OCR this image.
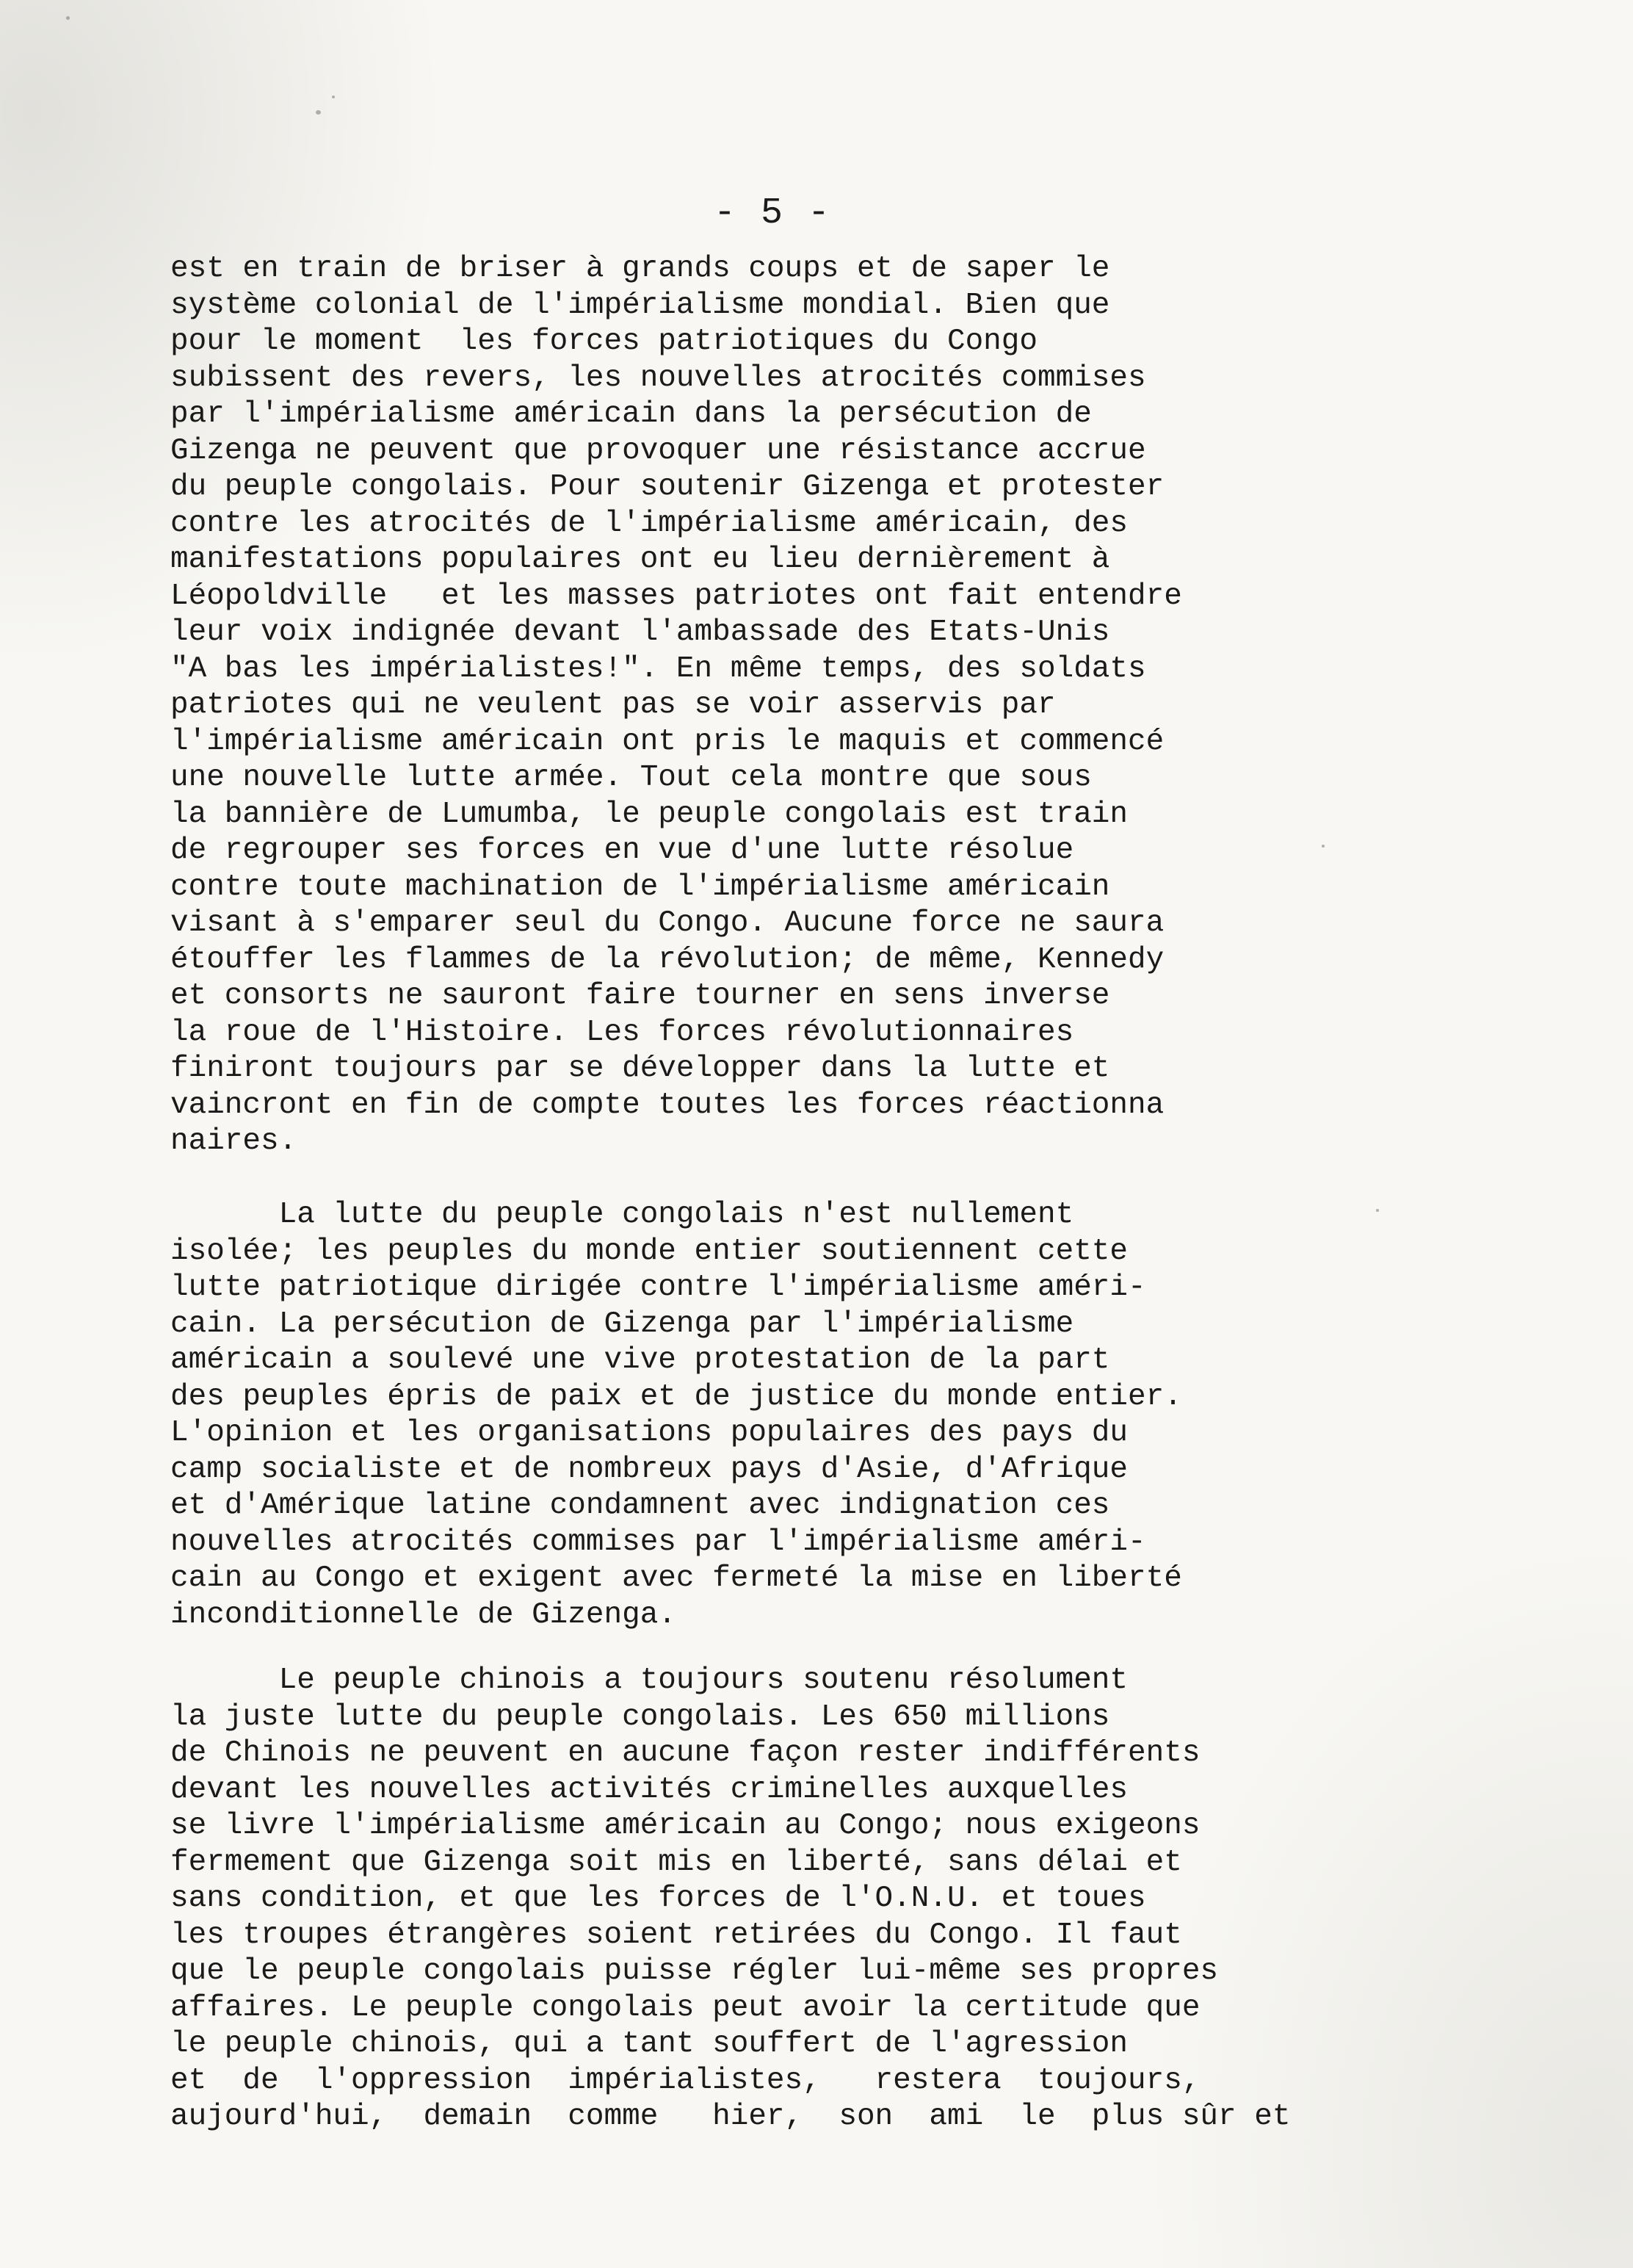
- 5 -

est en train de briser à grands coups et de saper le
système colonial de l'impérialisme mondial. Bien que
pour le moment  les forces patriotiques du Congo
subissent des revers, les nouvelles atrocités commises
par l'impérialisme américain dans la persécution de
Gizenga ne peuvent que provoquer une résistance accrue
du peuple congolais. Pour soutenir Gizenga et protester
contre les atrocités de l'impérialisme américain, des
manifestations populaires ont eu lieu dernièrement à
Léopoldville   et les masses patriotes ont fait entendre
leur voix indignée devant l'ambassade des Etats-Unis
"A bas les impérialistes!". En même temps, des soldats
patriotes qui ne veulent pas se voir asservis par
l'impérialisme américain ont pris le maquis et commencé
une nouvelle lutte armée. Tout cela montre que sous
la bannière de Lumumba, le peuple congolais est train
de regrouper ses forces en vue d'une lutte résolue
contre toute machination de l'impérialisme américain
visant à s'emparer seul du Congo. Aucune force ne saura
étouffer les flammes de la révolution; de même, Kennedy
et consorts ne sauront faire tourner en sens inverse
la roue de l'Histoire. Les forces révolutionnaires
finiront toujours par se développer dans la lutte et
vaincront en fin de compte toutes les forces réactionna
naires.
La lutte du peuple congolais n'est nullement
isolée; les peuples du monde entier soutiennent cette
lutte patriotique dirigée contre l'impérialisme améri-
cain. La persécution de Gizenga par l'impérialisme
américain a soulevé une vive protestation de la part
des peuples épris de paix et de justice du monde entier.
L'opinion et les organisations populaires des pays du
camp socialiste et de nombreux pays d'Asie, d'Afrique
et d'Amérique latine condamnent avec indignation ces
nouvelles atrocités commises par l'impérialisme améri-
cain au Congo et exigent avec fermeté la mise en liberté
inconditionnelle de Gizenga.
Le peuple chinois a toujours soutenu résolument
la juste lutte du peuple congolais. Les 650 millions
de Chinois ne peuvent en aucune façon rester indifférents
devant les nouvelles activités criminelles auxquelles
se livre l'impérialisme américain au Congo; nous exigeons
fermement que Gizenga soit mis en liberté, sans délai et
sans condition, et que les forces de l'O.N.U. et toues
les troupes étrangères soient retirées du Congo. Il faut
que le peuple congolais puisse régler lui-même ses propres
affaires. Le peuple congolais peut avoir la certitude que
le peuple chinois, qui a tant souffert de l'agression
et  de  l'oppression  impérialistes,   restera  toujours,
aujourd'hui,  demain  comme   hier,  son  ami  le  plus sûr et
